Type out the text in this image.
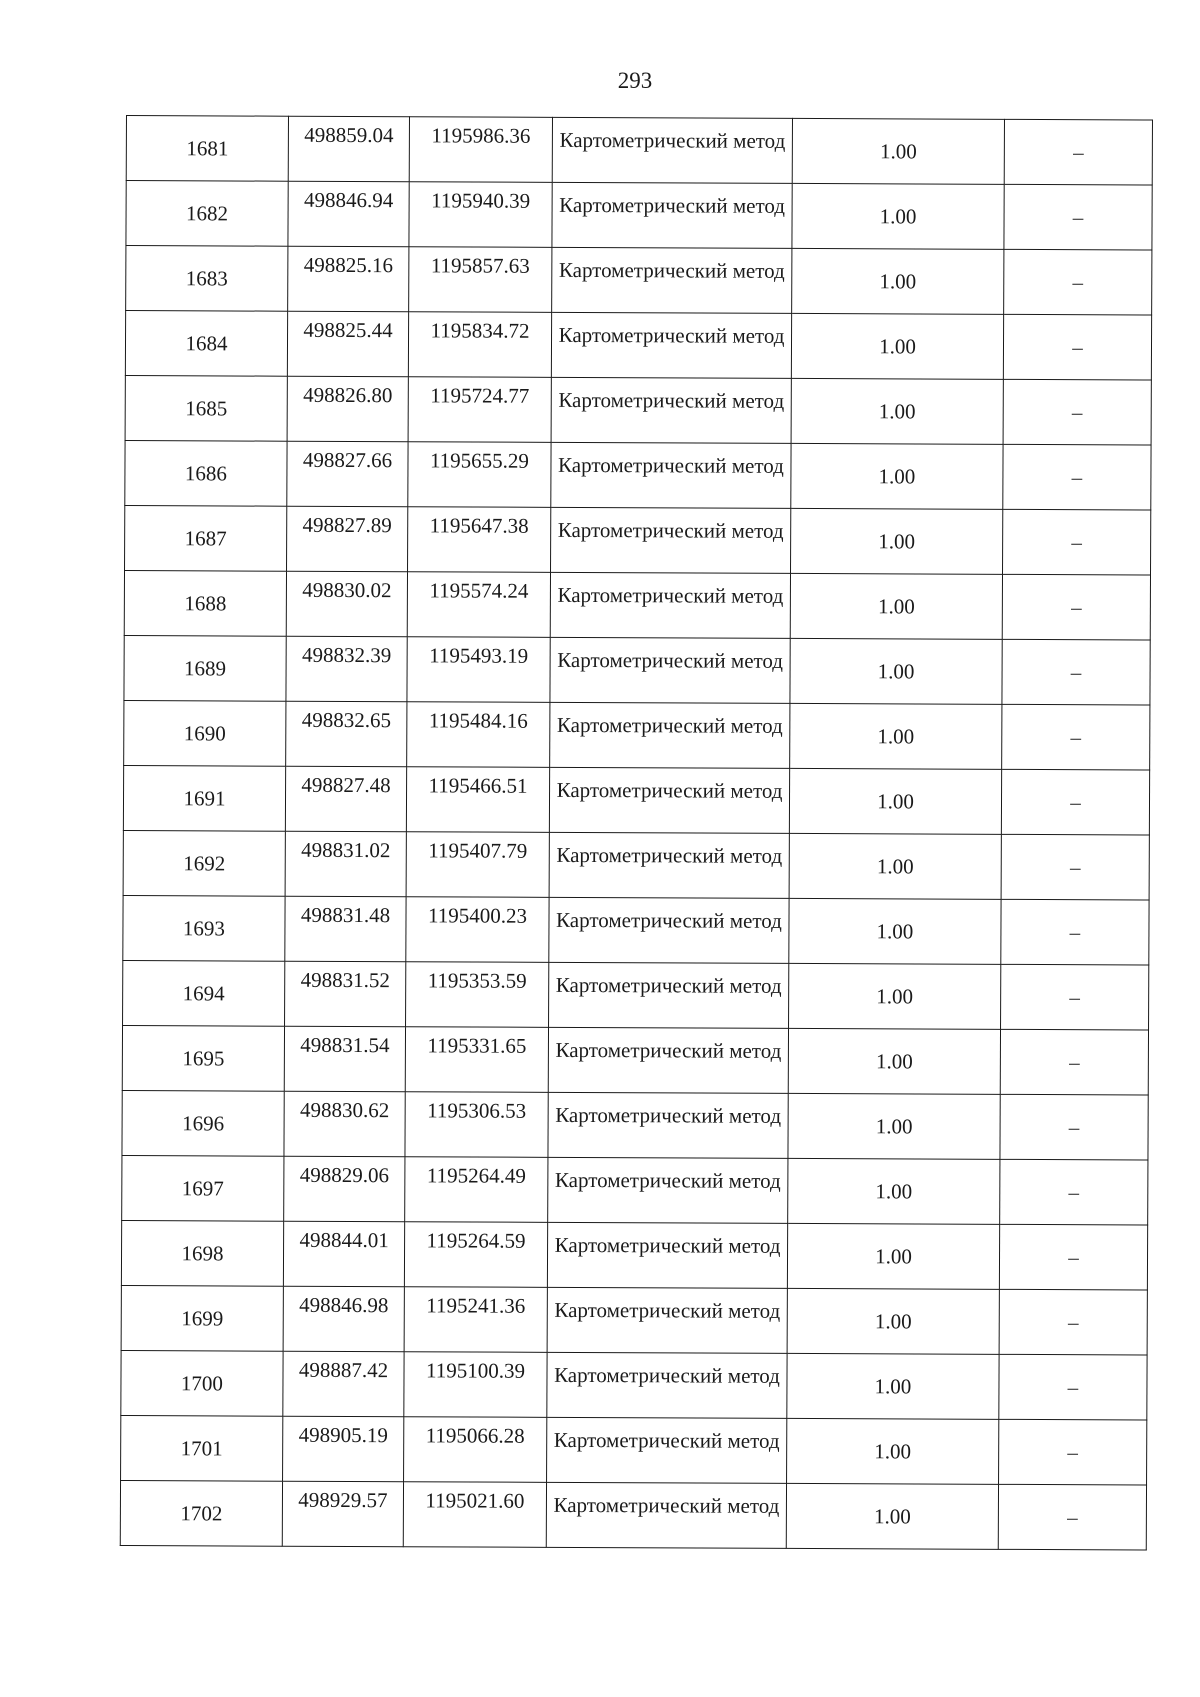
293
1681	498859.04	1195986.36	Картометрический метод	1.00	–
1682	498846.94	1195940.39	Картометрический метод	1.00	–
1683	498825.16	1195857.63	Картометрический метод	1.00	–
1684	498825.44	1195834.72	Картометрический метод	1.00	–
1685	498826.80	1195724.77	Картометрический метод	1.00	–
1686	498827.66	1195655.29	Картометрический метод	1.00	–
1687	498827.89	1195647.38	Картометрический метод	1.00	–
1688	498830.02	1195574.24	Картометрический метод	1.00	–
1689	498832.39	1195493.19	Картометрический метод	1.00	–
1690	498832.65	1195484.16	Картометрический метод	1.00	–
1691	498827.48	1195466.51	Картометрический метод	1.00	–
1692	498831.02	1195407.79	Картометрический метод	1.00	–
1693	498831.48	1195400.23	Картометрический метод	1.00	–
1694	498831.52	1195353.59	Картометрический метод	1.00	–
1695	498831.54	1195331.65	Картометрический метод	1.00	–
1696	498830.62	1195306.53	Картометрический метод	1.00	–
1697	498829.06	1195264.49	Картометрический метод	1.00	–
1698	498844.01	1195264.59	Картометрический метод	1.00	–
1699	498846.98	1195241.36	Картометрический метод	1.00	–
1700	498887.42	1195100.39	Картометрический метод	1.00	–
1701	498905.19	1195066.28	Картометрический метод	1.00	–
1702	498929.57	1195021.60	Картометрический метод	1.00	–
